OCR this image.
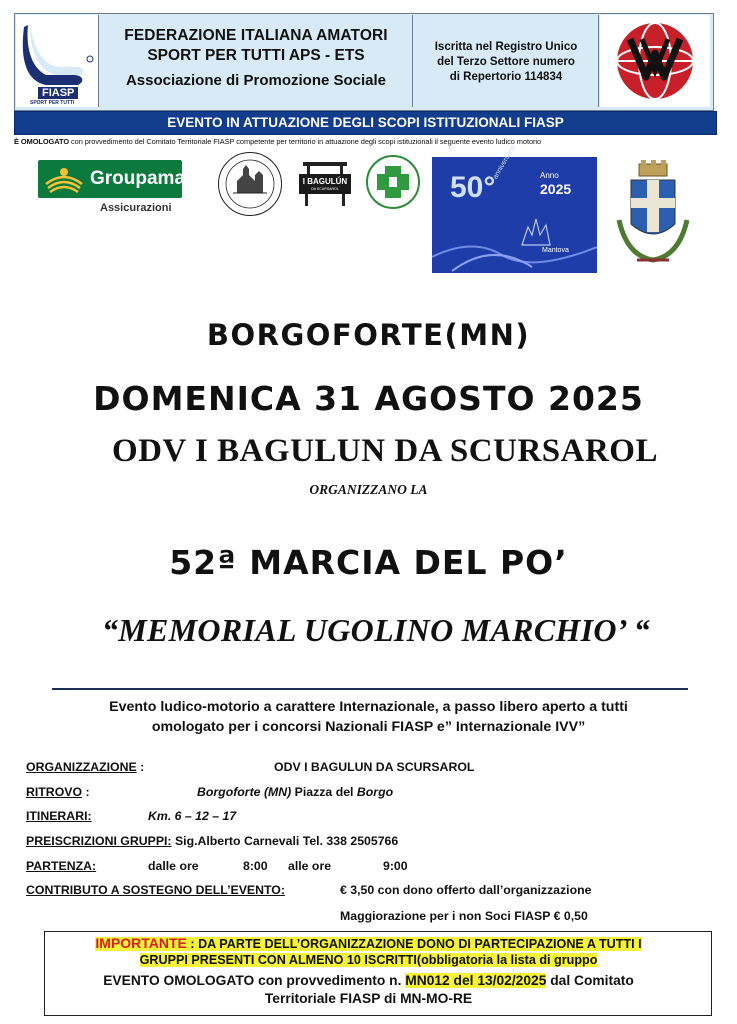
FIASP
SPORT PER TUTTI
FEDERAZIONE ITALIANA AMATORI
SPORT PER TUTTI APS - ETS
Associazione di Promozione Sociale
Iscritta nel Registro Unico
del Terzo Settore numero
di Repertorio 114834
EVENTO IN ATTUAZIONE DEGLI SCOPI ISTITUZIONALI FIASP
È OMOLOGATO con provvedimento del Comitato Territoriale FIASP competente per territorio in attuazione degli scopi istituzionali il seguente evento ludico motorio
Groupama
Assicurazioni
I BAGULÚN
DA SCURSAROL	50°
anniversario	Anno
2025
Mantova
BORGOFORTE(MN)
DOMENICA 31 AGOSTO 2025
ODV I BAGULUN DA SCURSAROL
ORGANIZZANO LA
52ª MARCIA DEL PO’
“MEMORIAL UGOLINO MARCHIO’ “
Evento ludico-motorio a carattere Internazionale, a passo libero aperto a tutti
omologato per i concorsi Nazionali FIASP e” Internazionale IVV”
ORGANIZZAZIONE :	ODV I BAGULUN DA SCURSAROL
RITROVO :	Borgoforte (MN) Piazza del Borgo
ITINERARI:	Km. 6 – 12 – 17
PREISCRIZIONI GRUPPI: Sig.Alberto Carnevali Tel. 338 2505766
PARTENZA:	dalle ore	8:00 alle ore	9:00
CONTRIBUTO A SOSTEGNO DELL’EVENTO:	€ 3,50 con dono offerto dall’organizzazione
Maggiorazione per i non Soci FIASP € 0,50
IMPORTANTE : DA PARTE DELL’ORGANIZZAZIONE DONO DI PARTECIPAZIONE A TUTTI I
GRUPPI PRESENTI CON ALMENO 10 ISCRITTI(obbligatoria la lista di gruppo
EVENTO OMOLOGATO con provvedimento n. MN012 del 13/02/2025 dal Comitato
Territoriale FIASP di MN-MO-RE
